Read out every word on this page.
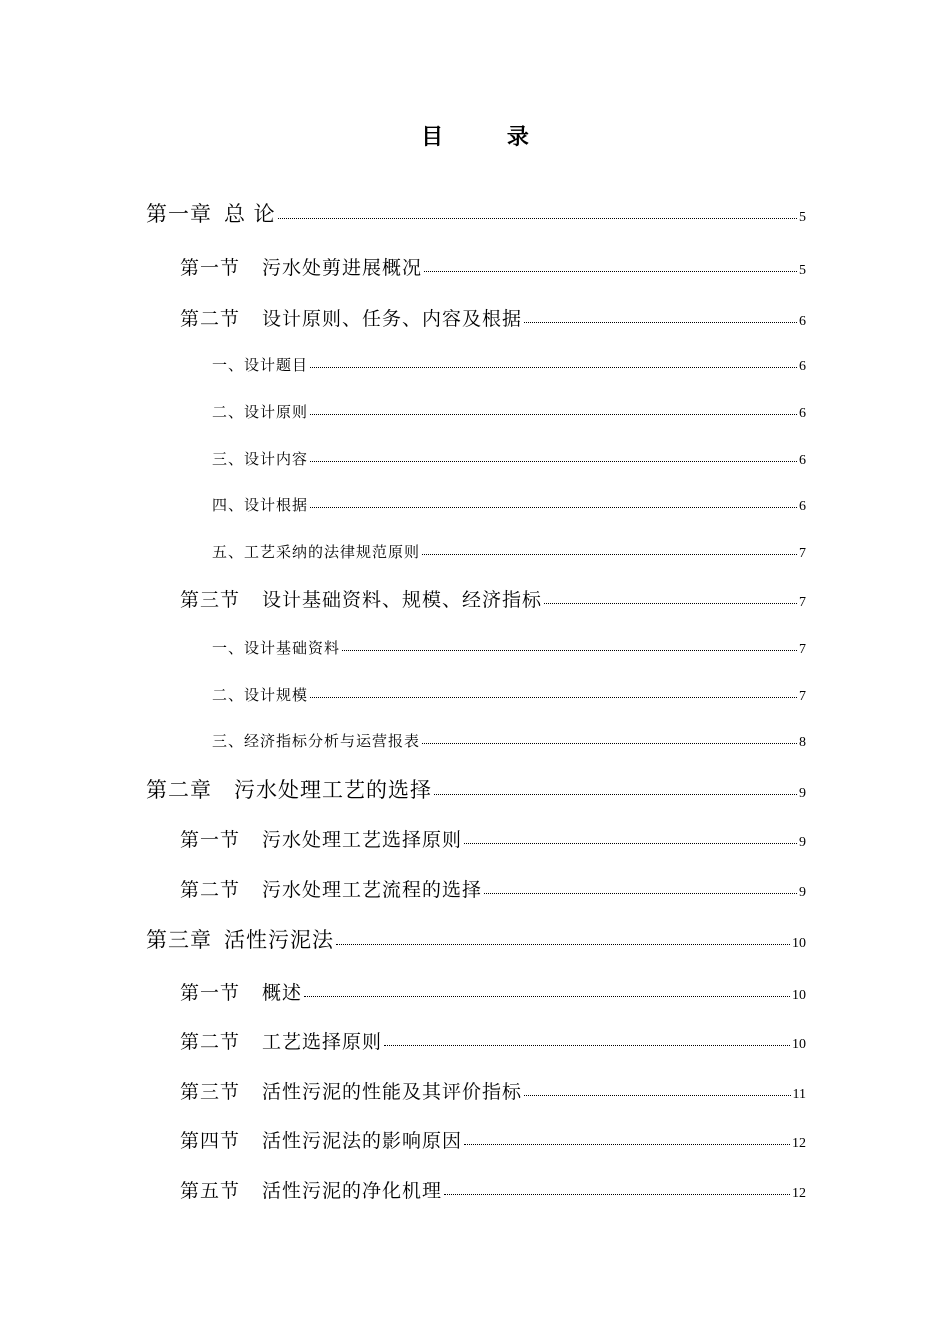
目 录
第一章 总 论	5
第一节 污水处剪进展概况	5
第二节 设计原则、任务、内容及根据	6
一、设计题目	6
二、设计原则	6
三、设计内容	6
四、设计根据	6
五、工艺采纳的法律规范原则	7
第三节 设计基础资料、规模、经济指标	7
一、设计基础资料	7
二、设计规模	7
三、经济指标分析与运营报表	8
第二章 污水处理工艺的选择	9
第一节 污水处理工艺选择原则	9
第二节 污水处理工艺流程的选择	9
第三章 活性污泥法	10
第一节 概述	10
第二节 工艺选择原则	10
第三节 活性污泥的性能及其评价指标	11
第四节 活性污泥法的影响原因	12
第五节 活性污泥的净化机理	12
